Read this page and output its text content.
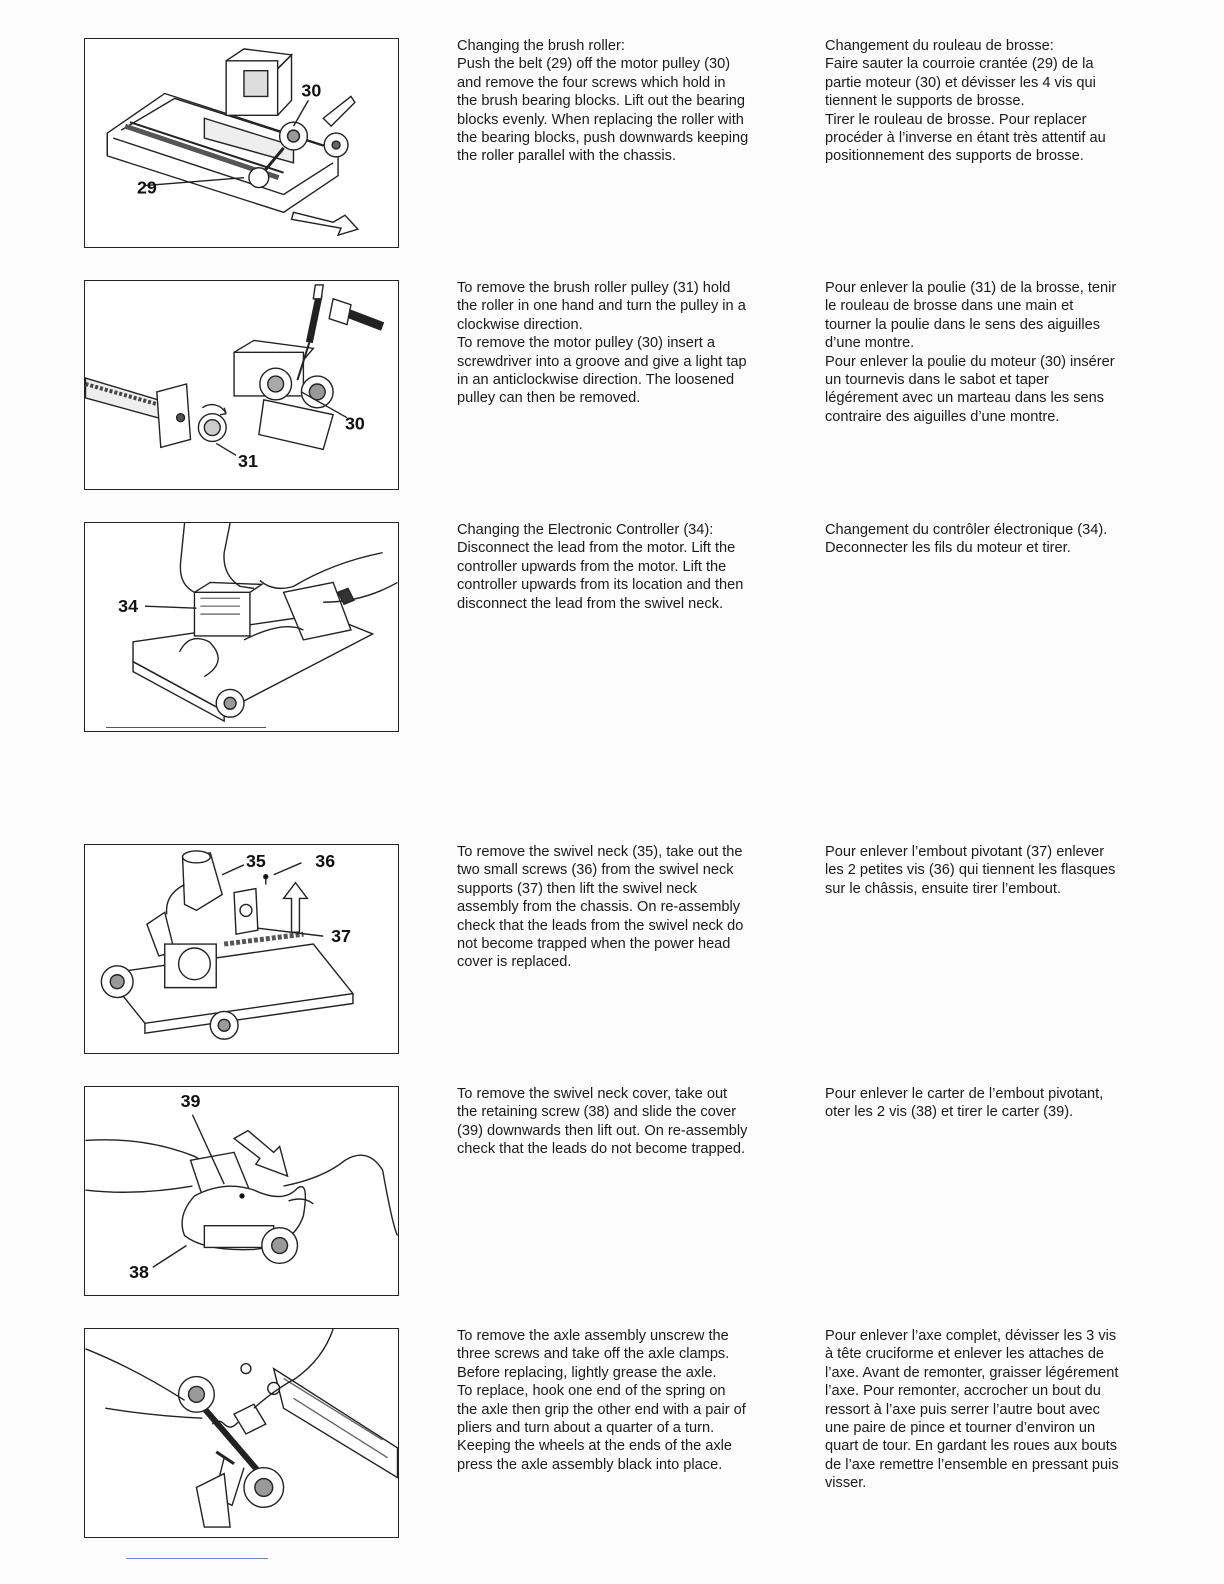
30
29

Changing the brush roller:
Push the belt (29) off the motor pulley (30)
and remove the four screws which hold in
the brush bearing blocks. Lift out the bearing
blocks evenly. When replacing the roller with
the bearing blocks, push downwards keeping
the roller parallel with the chassis.

Changement du rouleau de brosse:
Faire sauter la courroie crantée (29) de la
partie moteur (30) et dévisser les 4 vis qui
tiennent le supports de brosse.
Tirer le rouleau de brosse. Pour replacer
procéder à l’inverse en étant très attentif au
positionnement des supports de brosse.

30
31

To remove the brush roller pulley (31) hold
the roller in one hand and turn the pulley in a
clockwise direction.
To remove the motor pulley (30) insert a
screwdriver into a groove and give a light tap
in an anticlockwise direction. The loosened
pulley can then be removed.

Pour enlever la poulie (31) de la brosse, tenir
le rouleau de brosse dans une main et
tourner la poulie dans le sens des aiguilles
d’une montre.
Pour enlever la poulie du moteur (30) insérer
un tournevis dans le sabot et taper
légérement avec un marteau dans les sens
contraire des aiguilles d’une montre.

34

Changing the Electronic Controller (34):
Disconnect the lead from the motor. Lift the
controller upwards from the motor. Lift the
controller upwards from its location and then
disconnect the lead from the swivel neck.

Changement du contrôler électronique (34).
Deconnecter les fils du moteur et tirer.

35	36
37

To remove the swivel neck (35), take out the
two small screws (36) from the swivel neck
supports (37) then lift the swivel neck
assembly from the chassis. On re-assembly
check that the leads from the swivel neck do
not become trapped when the power head
cover is replaced.

Pour enlever l’embout pivotant (37) enlever
les 2 petites vis (36) qui tiennent les flasques
sur le châssis, ensuite tirer l’embout.

39
38

To remove the swivel neck cover, take out
the retaining screw (38) and slide the cover
(39) downwards then lift out. On re-assembly
check that the leads do not become trapped.

Pour enlever le carter de l’embout pivotant,
oter les 2 vis (38) et tirer le carter (39).

To remove the axle assembly unscrew the
three screws and take off the axle clamps.
Before replacing, lightly grease the axle.
To replace, hook one end of the spring on
the axle then grip the other end with a pair of
pliers and turn about a quarter of a turn.
Keeping the wheels at the ends of the axle
press the axle assembly black into place.

Pour enlever l’axe complet, dévisser les 3 vis
à tête cruciforme et enlever les attaches de
l’axe. Avant de remonter, graisser légérement
l’axe. Pour remonter, accrocher un bout du
ressort à l’axe puis serrer l’autre bout avec
une paire de pince et tourner d’environ un
quart de tour. En gardant les roues aux bouts
de l’axe remettre l’ensemble en pressant puis
visser.
